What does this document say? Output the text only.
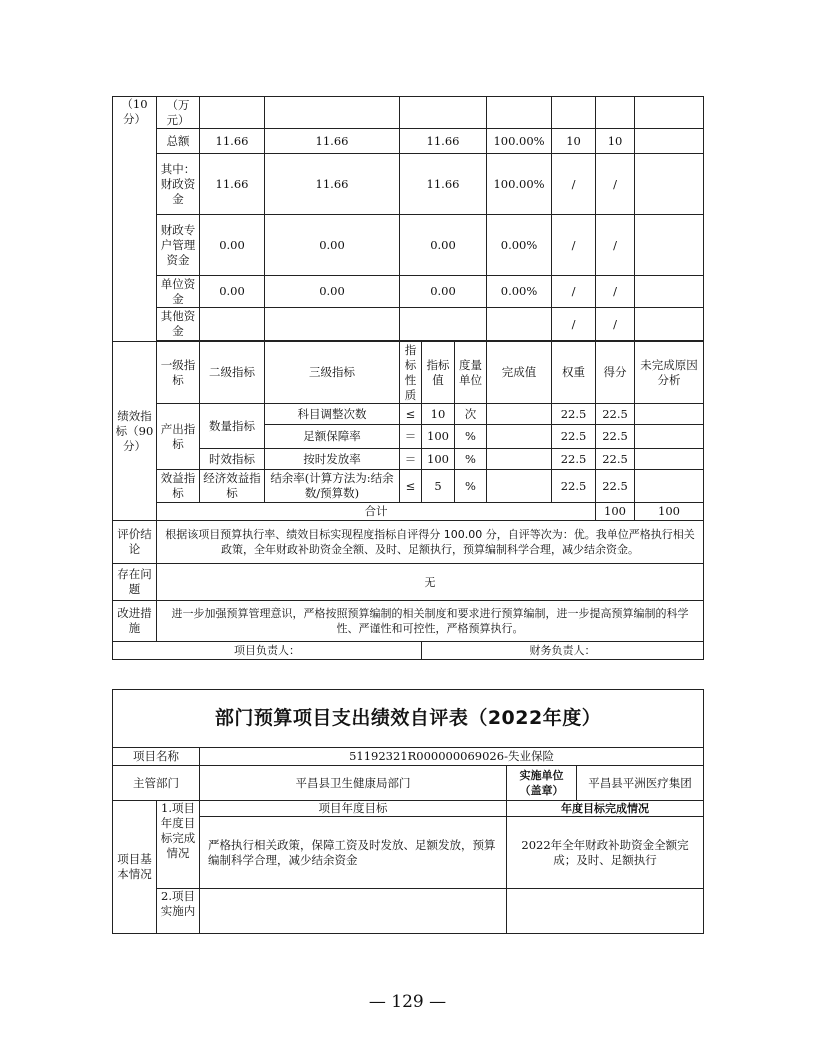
（10分）	（万元）										
	总额	11.66	11.66	11.66			100.00%	10	10		
	其中：财政资金	11.66	11.66	11.66			100.00%	/	/		
	财政专户管理资金	0.00	0.00	0.00			0.00%	/	/		
	单位资金	0.00	0.00	0.00			0.00%	/	/		
	其他资金							/	/		

绩效指标（90分）	一级指标	二级指标	三级指标	指标性质	指标值	度量单位	完成值	权重	得分	未完成原因分析	
	产出指标	数量指标	科目调整次数	≤	10	次		22.5	22.5		
			足额保障率	＝	100	%		22.5	22.5		
		时效指标	按时发放率	＝	100	%		22.5	22.5		
	效益指标	经济效益指标	结余率(计算方法为:结余数/预算数)	≤	5	%		22.5	22.5		
	合计								100	100	
评价结论	根据该项目预算执行率、绩效目标实现程度指标自评得分 100.00 分，自评等次为：优。我单位严格执行相关政策，全年财政补助资金全额、及时、足额执行，预算编制科学合理，减少结余资金。										
存在问题	无										
改进措施	进一步加强预算管理意识，严格按照预算编制的相关制度和要求进行预算编制，进一步提高预算编制的科学性、严谨性和可控性，严格预算执行。										
项目负责人：					财务负责人：						
部门预算项目支出绩效自评表（2022年度）				
项目名称		51192321R000000069026-失业保险		
主管部门		平昌县卫生健康局部门	实施单位（盖章）	平昌县平洲医疗集团
项目基本情况	1.项目年度目标完成情况	项目年度目标	年度目标完成情况	
		严格执行相关政策，保障工资及时发放、足额发放，预算编制科学合理，减少结余资金	2022年全年财政补助资金全额完成；及时、足额执行	
	2.项目实施内			
— 129 —
